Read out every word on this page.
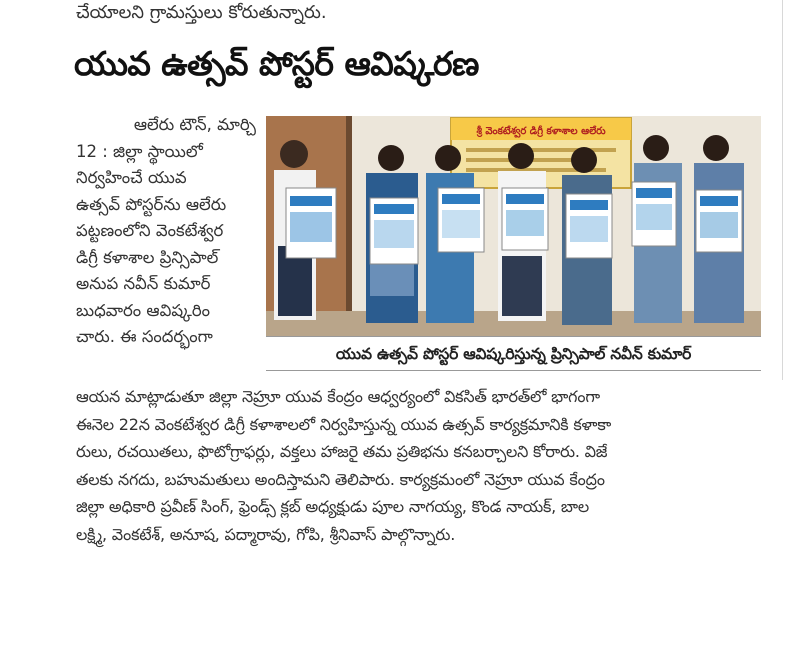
చేయాలని గ్రామస్తులు కోరుతున్నారు.
యువ ఉత్సవ్ పోస్టర్ ఆవిష్కరణ
ఆలేరు టౌన్, మార్చి
12 : జిల్లా స్థాయిలో
నిర్వహించే యువ
ఉత్సవ్ పోస్టర్‌ను ఆలేరు
పట్టణంలోని వెంకటేశ్వర
డిగ్రీ కళాశాల ప్రిన్సిపాల్
అనుప నవీన్ కుమార్
బుధవారం ఆవిష్కరిం
చారు. ఈ సందర్భంగా
శ్రీ వెంకటేశ్వర డిగ్రీ కళాశాల ఆలేరు
యువ ఉత్సవ్ పోస్టర్ ఆవిష్కరిస్తున్న ప్రిన్సిపాల్ నవీన్ కుమార్
ఆయన మాట్లాడుతూ జిల్లా నెహ్రూ యువ కేంద్రం ఆధ్వర్యంలో వికసిత్ భారత్‌లో భాగంగా
ఈనెల 22న వెంకటేశ్వర డిగ్రీ కళాశాలలో నిర్వహిస్తున్న యువ ఉత్సవ్ కార్యక్రమానికి కళాకా
రులు, రచయితలు, ఫొటోగ్రాఫర్లు, వక్తలు హాజరై తమ ప్రతిభను కనబర్చాలని కోరారు. విజే
తలకు నగదు, బహుమతులు అందిస్తామని తెలిపారు. కార్యక్రమంలో నెహ్రూ యువ కేంద్రం
జిల్లా అధికారి ప్రవీణ్ సింగ్, ఫ్రెండ్స్ క్లబ్ అధ్యక్షుడు పూల నాగయ్య, కొండ నాయక్, బాల
లక్ష్మి, వెంకటేశ్, అనూష, పద్మారావు, గోపి, శ్రీనివాస్ పాల్గొన్నారు.
